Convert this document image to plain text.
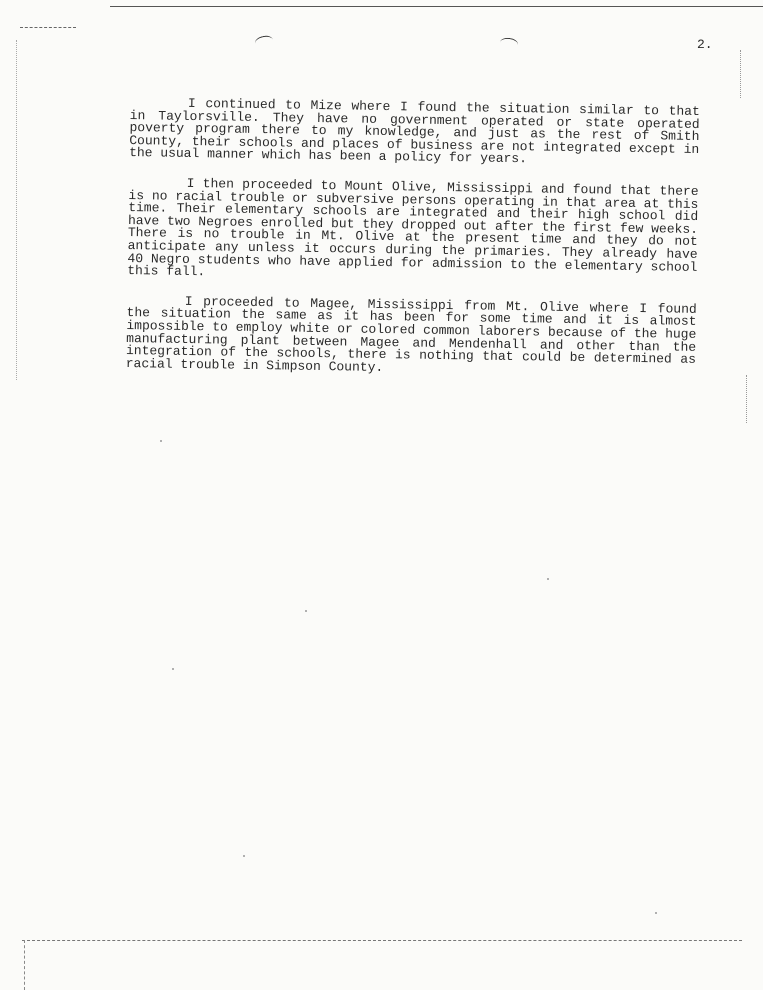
2.

I continued to Mize where I found the situation similar to that in Taylorsville. They have no government operated or state operated poverty program there to my knowledge, and just as the rest of Smith County, their schools and places of business are not integrated except in the usual manner which has been a policy for years.

I then proceeded to Mount Olive, Mississippi and found that there is no racial trouble or subversive persons operating in that area at this time. Their elementary schools are integrated and their high school did have two Negroes enrolled but they dropped out after the first few weeks. There is no trouble in Mt. Olive at the present time and they do not anticipate any unless it occurs during the primaries. They already have 40 Negro students who have applied for admission to the elementary school this fall.

I proceeded to Magee, Mississippi from Mt. Olive where I found the situation the same as it has been for some time and it is almost impossible to employ white or colored common laborers because of the huge manufacturing plant between Magee and Mendenhall and other than the integration of the schools, there is nothing that could be determined as racial trouble in Simpson County.
